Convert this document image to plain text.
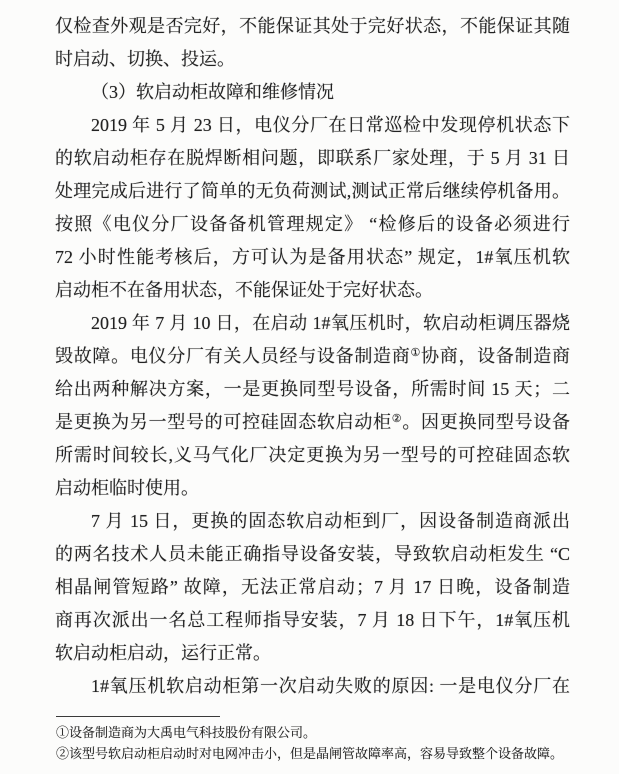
仅检查外观是否完好，不能保证其处于完好状态，不能保证其随
时启动、切换、投运。
（3）软启动柜故障和维修情况
2019 年 5 月 23 日，电仪分厂在日常巡检中发现停机状态下
的软启动柜存在脱焊断相问题，即联系厂家处理，于 5 月 31 日
处理完成后进行了简单的无负荷测试,测试正常后继续停机备用。
按照《电仪分厂设备备机管理规定》 “检修后的设备必须进行
72 小时性能考核后，方可认为是备用状态” 规定，1#氧压机软
启动柜不在备用状态，不能保证处于完好状态。
2019 年 7 月 10 日，在启动 1#氧压机时，软启动柜调压器烧
毁故障。电仪分厂有关人员经与设备制造商①协商，设备制造商
给出两种解决方案，一是更换同型号设备，所需时间 15 天；二
是更换为另一型号的可控硅固态软启动柜②。因更换同型号设备
所需时间较长,义马气化厂决定更换为另一型号的可控硅固态软
启动柜临时使用。
7 月 15 日，更换的固态软启动柜到厂，因设备制造商派出
的两名技术人员未能正确指导设备安装，导致软启动柜发生 “C
相晶闸管短路” 故障，无法正常启动；7 月 17 日晚，设备制造
商再次派出一名总工程师指导安装，7 月 18 日下午，1#氧压机
软启动柜启动，运行正常。
1#氧压机软启动柜第一次启动失败的原因: 一是电仪分厂在
①设备制造商为大禹电气科技股份有限公司。
②该型号软启动柜启动时对电网冲击小，但是晶闸管故障率高，容易导致整个设备故障。
